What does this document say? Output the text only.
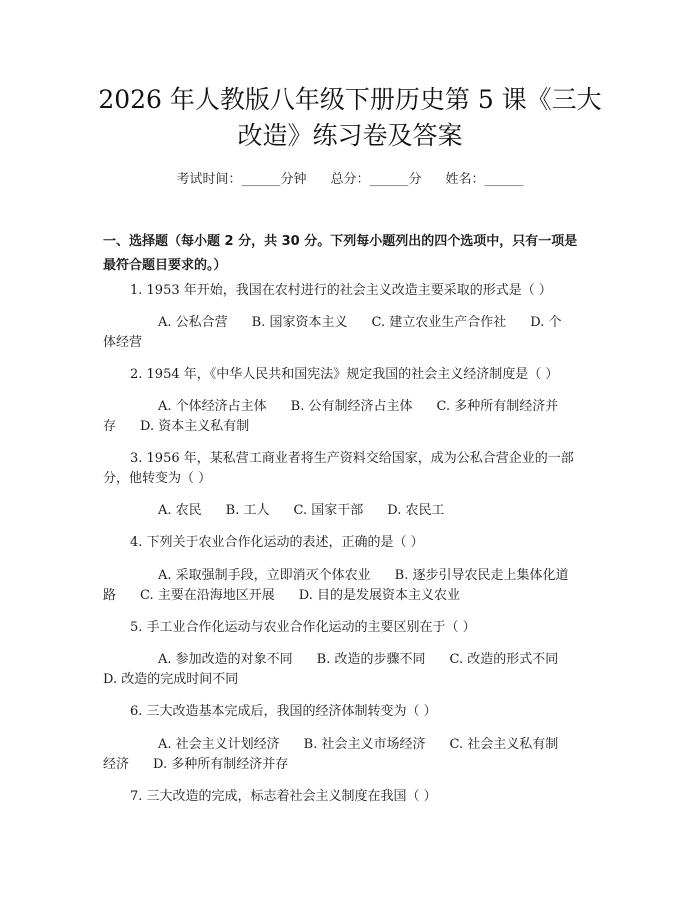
2026 年人教版八年级下册历史第 5 课《三大
改造》练习卷及答案
考试时间：______分钟 总分：______分 姓名：______
一、选择题（每小题 2 分，共 30 分。下列每小题列出的四个选项中，只有一项是
最符合题目要求的。）
1. 1953 年开始，我国在农村进行的社会主义改造主要采取的形式是（ ）
A. 公私合营 B. 国家资本主义 C. 建立农业生产合作社 D. 个
体经营
2. 1954 年，《中华人民共和国宪法》规定我国的社会主义经济制度是（ ）
A. 个体经济占主体 B. 公有制经济占主体 C. 多种所有制经济并
存 D. 资本主义私有制
3. 1956 年，某私营工商业者将生产资料交给国家，成为公私合营企业的一部
分，他转变为（ ）
A. 农民 B. 工人 C. 国家干部 D. 农民工
4. 下列关于农业合作化运动的表述，正确的是（ ）
A. 采取强制手段，立即消灭个体农业 B. 逐步引导农民走上集体化道
路 C. 主要在沿海地区开展 D. 目的是发展资本主义农业
5. 手工业合作化运动与农业合作化运动的主要区别在于（ ）
A. 参加改造的对象不同 B. 改造的步骤不同 C. 改造的形式不同
D. 改造的完成时间不同
6. 三大改造基本完成后，我国的经济体制转变为（ ）
A. 社会主义计划经济 B. 社会主义市场经济 C. 社会主义私有制
经济 D. 多种所有制经济并存
7. 三大改造的完成，标志着社会主义制度在我国（ ）
